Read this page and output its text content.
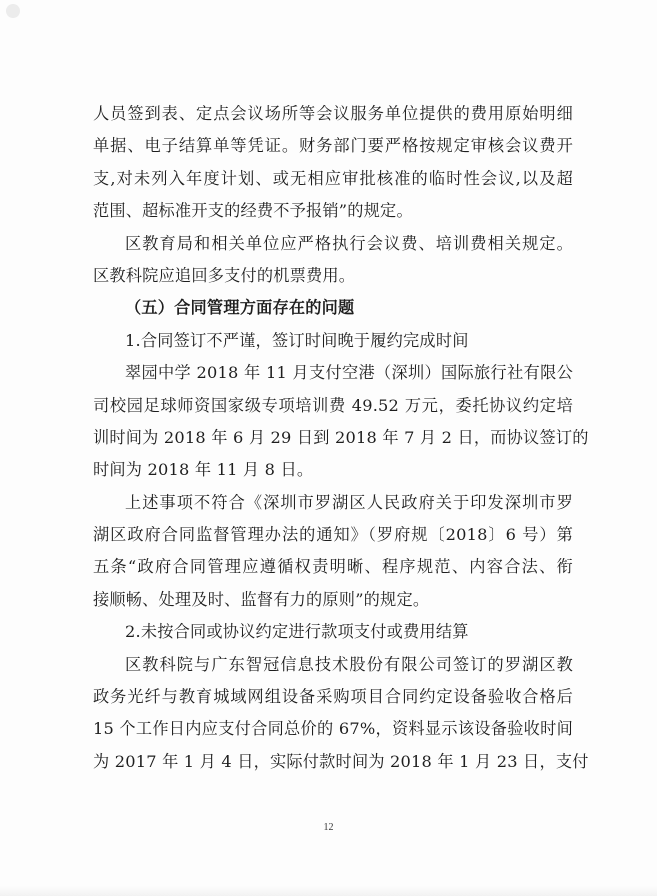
人员签到表、定点会议场所等会议服务单位提供的费用原始明细
单据、电子结算单等凭证。财务部门要严格按规定审核会议费开
支,对未列入年度计划、或无相应审批核准的临时性会议,以及超
范围、超标准开支的经费不予报销”的规定。
区教育局和相关单位应严格执行会议费、培训费相关规定。
区教科院应追回多支付的机票费用。
（五）合同管理方面存在的问题
1.合同签订不严谨，签订时间晚于履约完成时间
翠园中学 2018 年 11 月支付空港（深圳）国际旅行社有限公
司校园足球师资国家级专项培训费 49.52 万元，委托协议约定培
训时间为 2018 年 6 月 29 日到 2018 年 7 月 2 日，而协议签订的
时间为 2018 年 11 月 8 日。
上述事项不符合《深圳市罗湖区人民政府关于印发深圳市罗
湖区政府合同监督管理办法的通知》（罗府规〔2018〕6 号）第
五条“政府合同管理应遵循权责明晰、程序规范、内容合法、衔
接顺畅、处理及时、监督有力的原则”的规定。
2.未按合同或协议约定进行款项支付或费用结算
区教科院与广东智冠信息技术股份有限公司签订的罗湖区教
政务光纤与教育城域网组设备采购项目合同约定设备验收合格后
15 个工作日内应支付合同总价的 67%，资料显示该设备验收时间
为 2017 年 1 月 4 日，实际付款时间为 2018 年 1 月 23 日，支付
12
